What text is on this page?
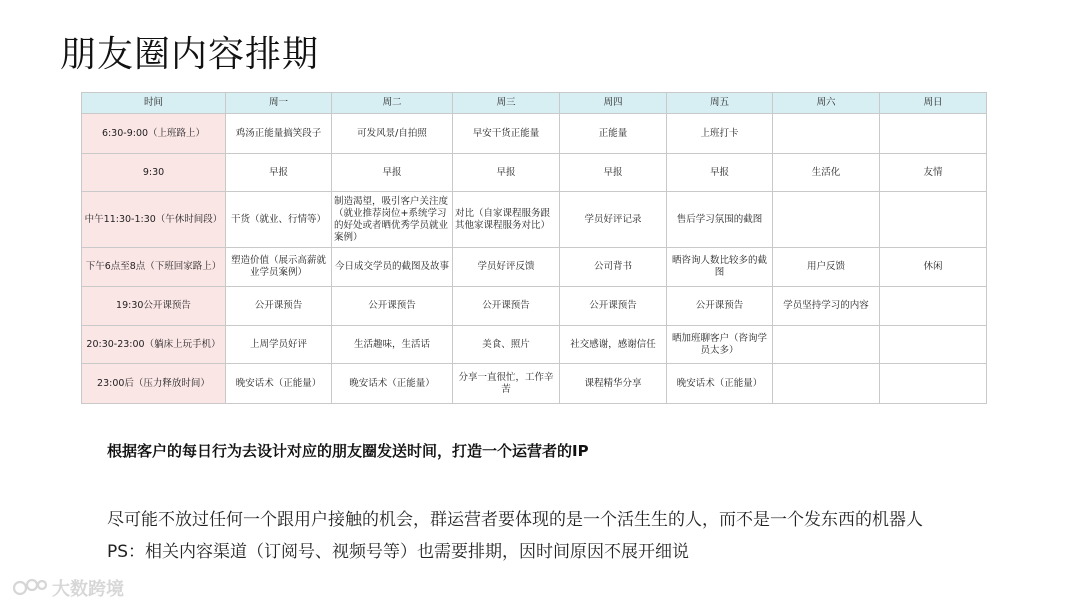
朋友圈内容排期
时间	周一	周二	周三	周四	周五	周六	周日
6:30-9:00（上班路上）	鸡汤正能量搞笑段子	可发风景/自拍照	早安干货正能量	正能量	上班打卡		
9:30	早报	早报	早报	早报	早报	生活化	友情
中午11:30-1:30（午休时间段）	干货（就业、行情等）	制造渴望，吸引客户关注度（就业推荐岗位+系统学习的好处或者晒优秀学员就业案例）	对比（自家课程服务跟其他家课程服务对比）	学员好评记录	售后学习氛围的截图		
下午6点至8点（下班回家路上）	塑造价值（展示高薪就业学员案例）	今日成交学员的截图及故事	学员好评反馈	公司背书	晒咨询人数比较多的截图	用户反馈	休闲
19:30公开课预告	公开课预告	公开课预告	公开课预告	公开课预告	公开课预告	学员坚持学习的内容	
20:30-23:00（躺床上玩手机）	上周学员好评	生活趣味，生活话	美食、照片	社交感谢，感谢信任	晒加班聊客户（咨询学员太多）		
23:00后（压力释放时间）	晚安话术（正能量）	晚安话术（正能量）	分享一直很忙，工作辛苦	课程精华分享	晚安话术（正能量）		
根据客户的每日行为去设计对应的朋友圈发送时间，打造一个运营者的IP
尽可能不放过任何一个跟用户接触的机会，群运营者要体现的是一个活生生的人，而不是一个发东西的机器人
PS：相关内容渠道（订阅号、视频号等）也需要排期，因时间原因不展开细说
大数跨境
